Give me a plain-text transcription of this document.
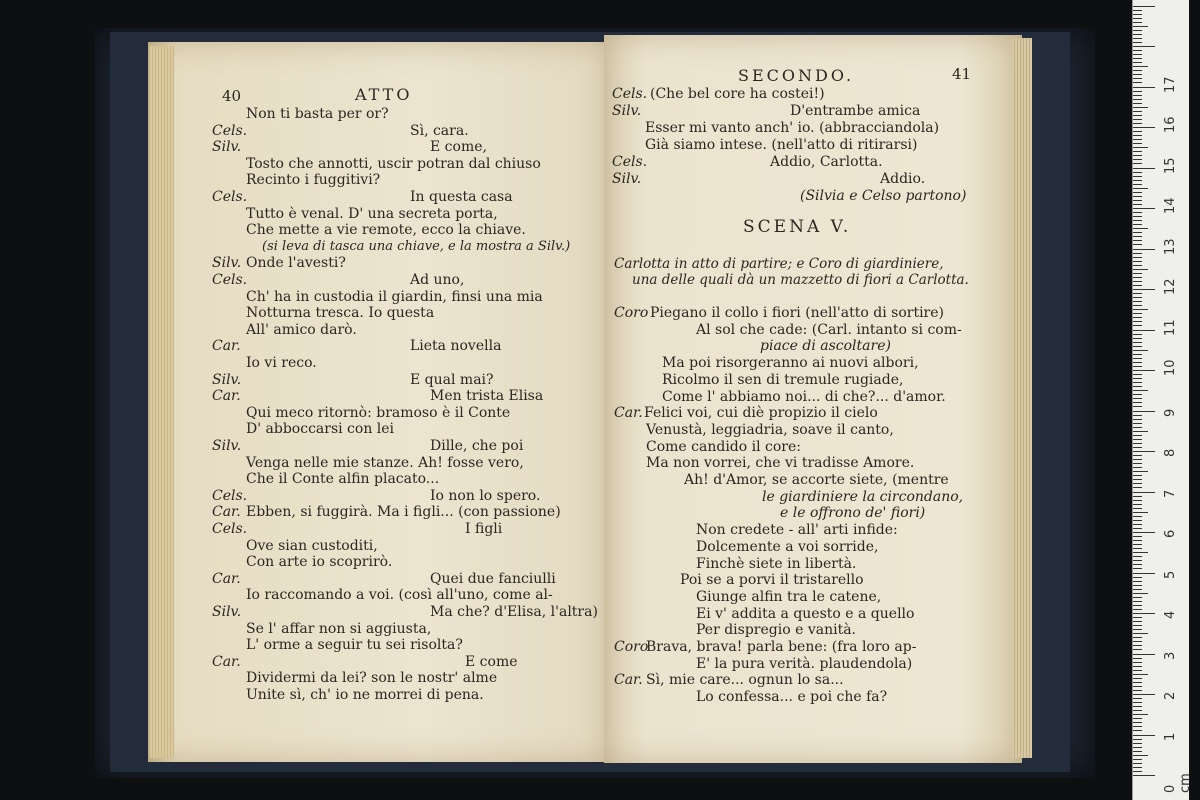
40	ATTO
Non ti basta per or?
Cels.	Sì, cara.
Silv.	E come,
Tosto che annotti, uscir potran dal chiuso
Recinto i fuggitivi?
Cels.	In questa casa
Tutto è venal. D' una secreta porta,
Che mette a vie remote, ecco la chiave.
(si leva di tasca una chiave, e la mostra a Silv.)
Silv. Onde l'avesti?
Cels.	Ad uno,
Ch' ha in custodia il giardin, finsi una mia
Notturna tresca. Io questa
All' amico darò.
Car.	Lieta novella
Io vi reco.
Silv.	E qual mai?
Car.	Men trista Elisa
Qui meco ritornò: bramoso è il Conte
D' abboccarsi con lei
Silv.	Dille, che poi
Venga nelle mie stanze. Ah! fosse vero,
Che il Conte alfin placato...
Cels.	Io non lo spero.
Car. Ebben, si fuggirà. Ma i figli... (con passione)
Cels.	I figli
Ove sian custoditi,
Con arte io scoprirò.
Car.	Quei due fanciulli
Io raccomando a voi. (così all'uno, come al-
Silv.	Ma che? d'Elisa, l'altra)
Se l' affar non si aggiusta,
L' orme a seguir tu sei risolta?
Car.	E come
Dividermi da lei? son le nostr' alme
Unite sì, ch' io ne morrei di pena.
SECONDO.	41
SCENA V.
Carlotta in atto di partire; e Coro di giardiniere,
una delle quali dà un mazzetto di fiori a Carlotta.
Cels. (Che bel core ha costei!)
Silv.	D'entrambe amica
Esser mi vanto anch' io. (abbracciandola)
Già siamo intese. (nell'atto di ritirarsi)
Cels.	Addio, Carlotta.
Silv.	Addio.
(Silvia e Celso partono)
Coro Piegano il collo i fiori (nell'atto di sortire)
Al sol che cade: (Carl. intanto si com-
piace di ascoltare)
Ma poi risorgeranno ai nuovi albori,
Ricolmo il sen di tremule rugiade,
Come l' abbiamo noi... di che?... d'amor.
Car. Felici voi, cui diè propizio il cielo
Venustà, leggiadria, soave il canto,
Come candido il core:
Ma non vorrei, che vi tradisse Amore.
Ah! d'Amor, se accorte siete, (mentre
le giardiniere la circondano,
e le offrono de' fiori)
Non credete - all' arti infide:
Dolcemente a voi sorride,
Finchè siete in libertà.
Poi se a porvi il tristarello
Giunge alfin tra le catene,
Ei v' addita a questo e a quello
Per dispregio e vanità.
Coro
Brava, brava! parla bene: (fra loro ap-
E' la pura verità. plaudendola)
Car. Sì, mie care... ognun lo sa...
Lo confessa... e poi che fa?
0 cm
1
2
3
4
5
6
7
8
9
10
11
12
13
14
15
16
17
